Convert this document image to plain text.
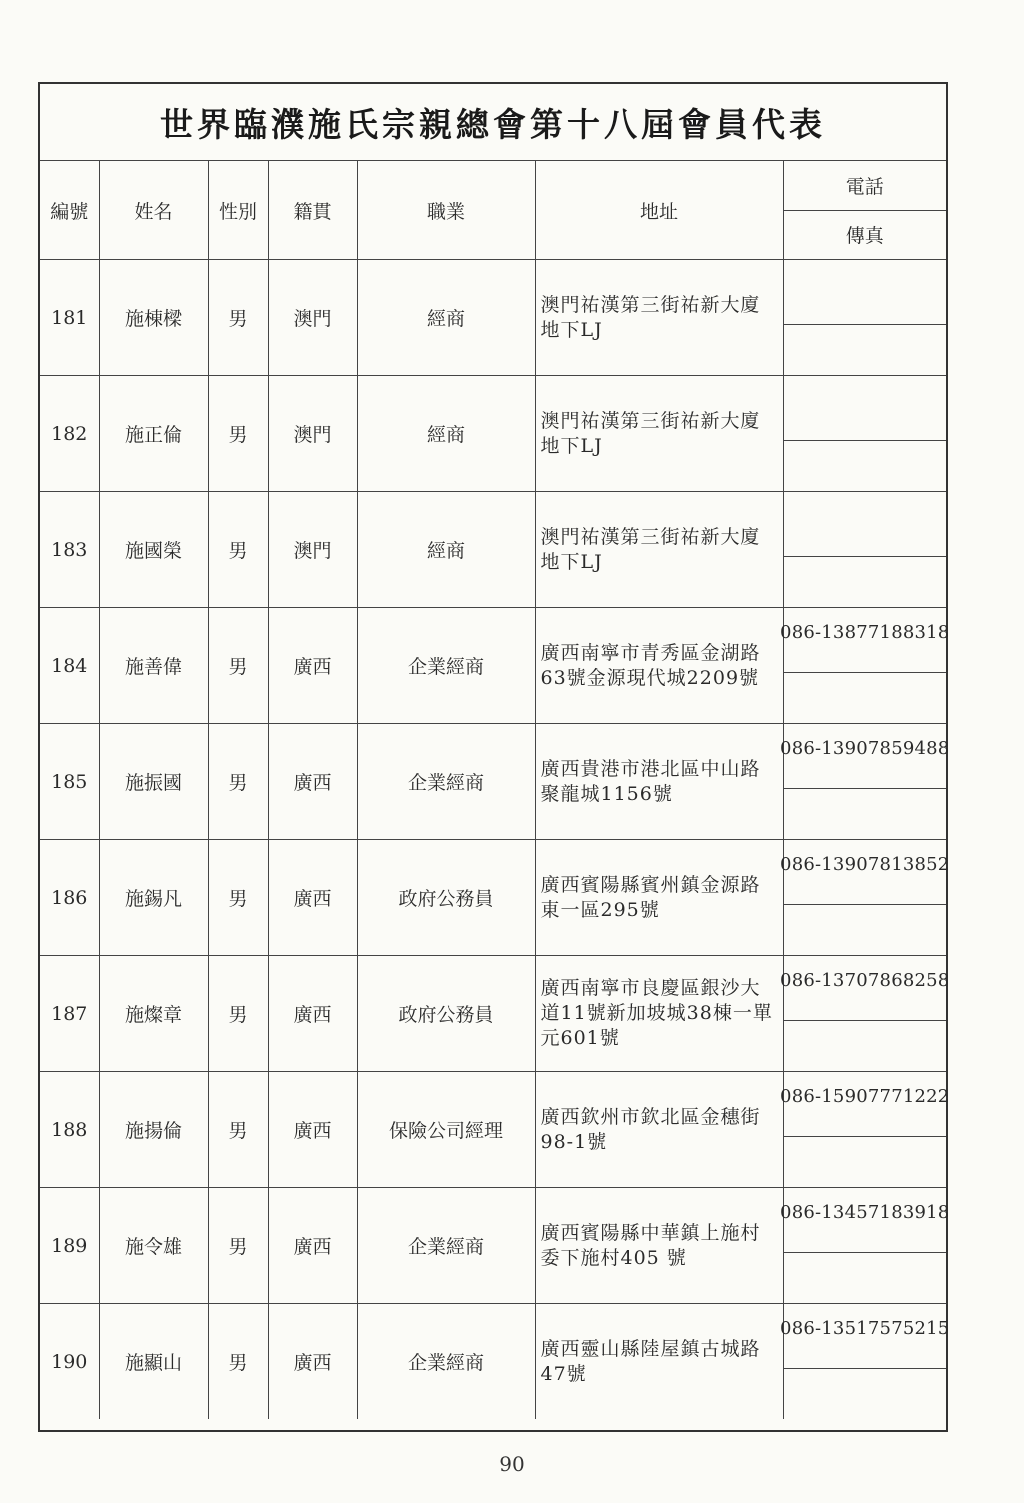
世界臨濮施氏宗親總會第十八屆會員代表
編號	姓名	性別	籍貫	職業	地址	電話
傳真

181	施棟樑	男	澳門	經商	澳門祐漢第三街祐新大廈地下LJ	

182	施正倫	男	澳門	經商	澳門祐漢第三街祐新大廈地下LJ	

183	施國榮	男	澳門	經商	澳門祐漢第三街祐新大廈地下LJ	

184	施善偉	男	廣西	企業經商	廣西南寧市青秀區金湖路63號金源現代城2209號	086-13877188318

185	施振國	男	廣西	企業經商	廣西貴港市港北區中山路聚龍城1156號	086-13907859488

186	施錫凡	男	廣西	政府公務員	廣西賓陽縣賓州鎮金源路東一區295號	086-13907813852

187	施燦章	男	廣西	政府公務員	廣西南寧市良慶區銀沙大道11號新加坡城38棟一單元601號	086-13707868258

188	施揚倫	男	廣西	保險公司經理	廣西欽州市欽北區金穗街98-1號	086-15907771222

189	施令雄	男	廣西	企業經商	廣西賓陽縣中華鎮上施村委下施村405 號	086-13457183918

190	施顯山	男	廣西	企業經商	廣西靈山縣陸屋鎮古城路47號	086-13517575215
90
